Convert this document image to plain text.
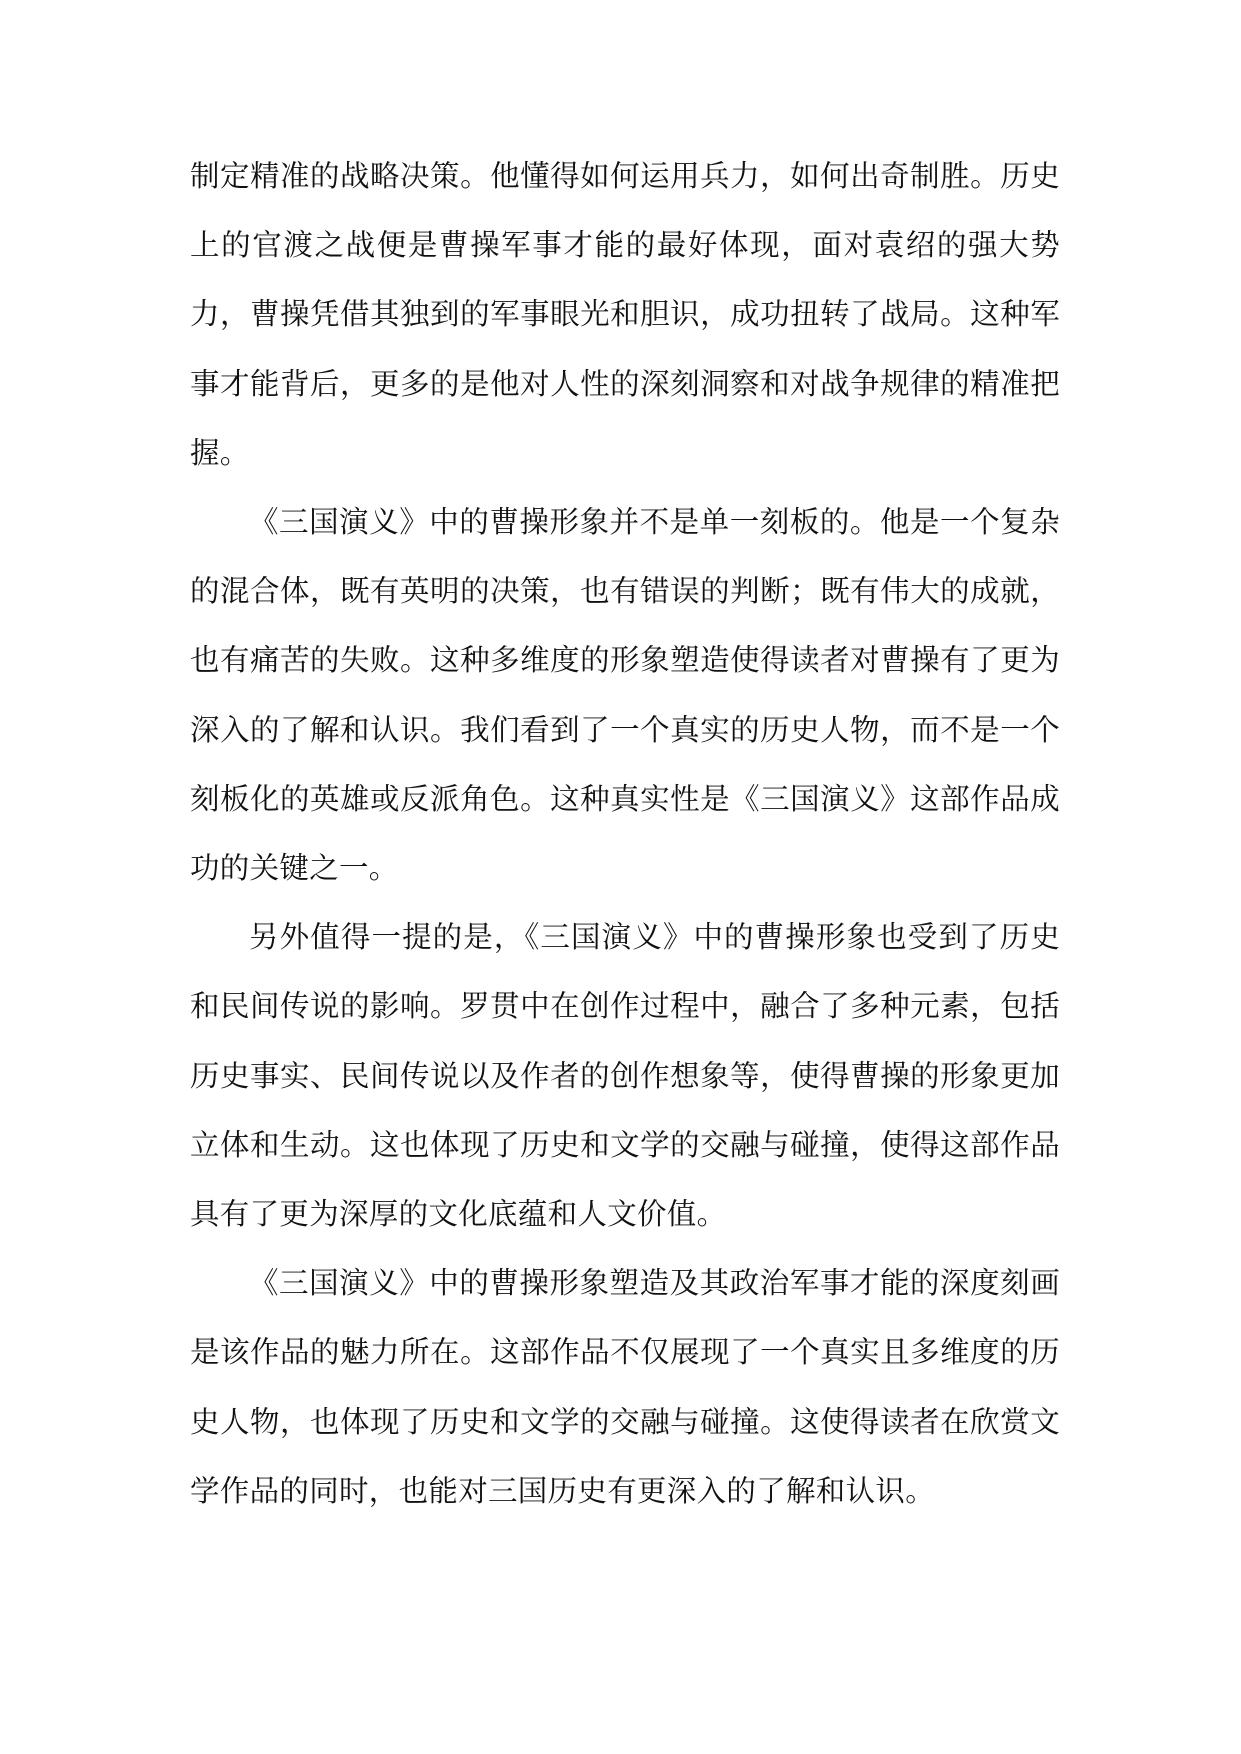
制定精准的战略决策。他懂得如何运用兵力，如何出奇制胜。历史上的官渡之战便是曹操军事才能的最好体现，面对袁绍的强大势力，曹操凭借其独到的军事眼光和胆识，成功扭转了战局。这种军事才能背后，更多的是他对人性的深刻洞察和对战争规律的精准把握。

《三国演义》中的曹操形象并不是单一刻板的。他是一个复杂的混合体，既有英明的决策，也有错误的判断；既有伟大的成就，也有痛苦的失败。这种多维度的形象塑造使得读者对曹操有了更为深入的了解和认识。我们看到了一个真实的历史人物，而不是一个刻板化的英雄或反派角色。这种真实性是《三国演义》这部作品成功的关键之一。

另外值得一提的是，《三国演义》中的曹操形象也受到了历史和民间传说的影响。罗贯中在创作过程中，融合了多种元素，包括历史事实、民间传说以及作者的创作想象等，使得曹操的形象更加立体和生动。这也体现了历史和文学的交融与碰撞，使得这部作品具有了更为深厚的文化底蕴和人文价值。

《三国演义》中的曹操形象塑造及其政治军事才能的深度刻画是该作品的魅力所在。这部作品不仅展现了一个真实且多维度的历史人物，也体现了历史和文学的交融与碰撞。这使得读者在欣赏文学作品的同时，也能对三国历史有更深入的了解和认识。
